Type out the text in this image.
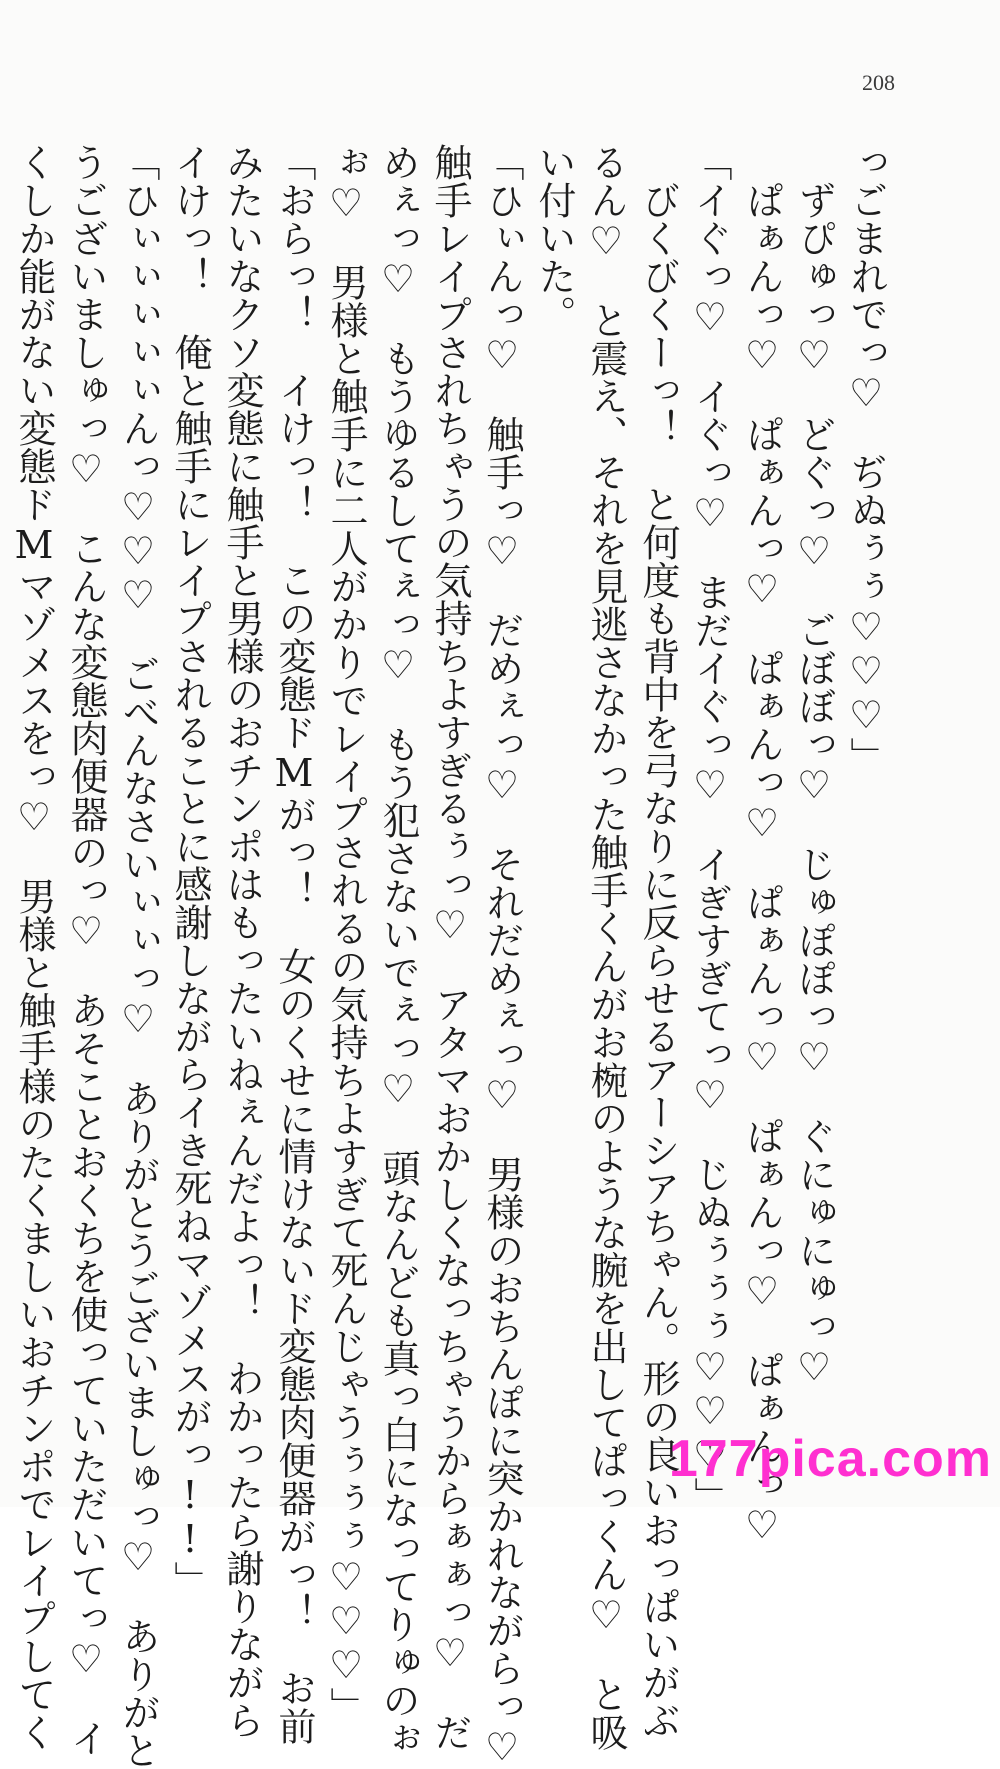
208
っごまれでっ♡　ぢぬぅぅ♡♡♡」
　ずぴゅっ♡　どぐっ♡　ごぼぼっ♡　じゅぽぽっ♡　ぐにゅにゅっ♡
　ぱぁんっ♡　ぱぁんっ♡　ぱぁんっ♡　ぱぁんっ♡　ぱぁんっ♡　ぱぁんっ♡
「イぐっ♡　イぐっ♡　まだイぐっ♡　イぎすぎてっ♡　じぬぅぅぅ♡♡♡」
　びくびくーっ！　と何度も背中を弓なりに反らせるアーシアちゃん。形の良いおっぱいがぶ
るん♡　と震え、それを見逃さなかった触手くんがお椀のような腕を出してぱっくん♡　と吸
い付いた。
「ひぃんっ♡　触手っ♡　だめぇっ♡　それだめぇっ♡　男様のおちんぽに突かれながらっ♡
触手レイプされちゃうの気持ちよすぎるぅっ♡　アタマおかしくなっちゃうからぁぁっ♡　だ
めぇっ♡　もうゆるしてぇっ♡　もう犯さないでぇっ♡　頭なんども真っ白になってりゅのぉ
ぉ♡　男様と触手に二人がかりでレイプされるの気持ちよすぎて死んじゃうぅぅぅ♡♡♡」
「おらっ！　イけっ！　この変態ドMがっ！　女のくせに情けないド変態肉便器がっ！　お前
みたいなクソ変態に触手と男様のおチンポはもったいねぇんだよっ！　わかったら謝りながら
イけっ！　俺と触手にレイプされることに感謝しながらイき死ねマゾメスがっ!!」
「ひぃぃぃぃぃんっ♡♡♡　ごべんなさいぃぃっ♡　ありがとうございましゅっ♡　ありがと
うございましゅっ♡　こんな変態肉便器のっ♡　あそことおくちを使っていただいてっ♡　イ
くしか能がない変態ドMマゾメスをっ♡　男様と触手様のたくましいおチンポでレイプしてく	177pica.com
